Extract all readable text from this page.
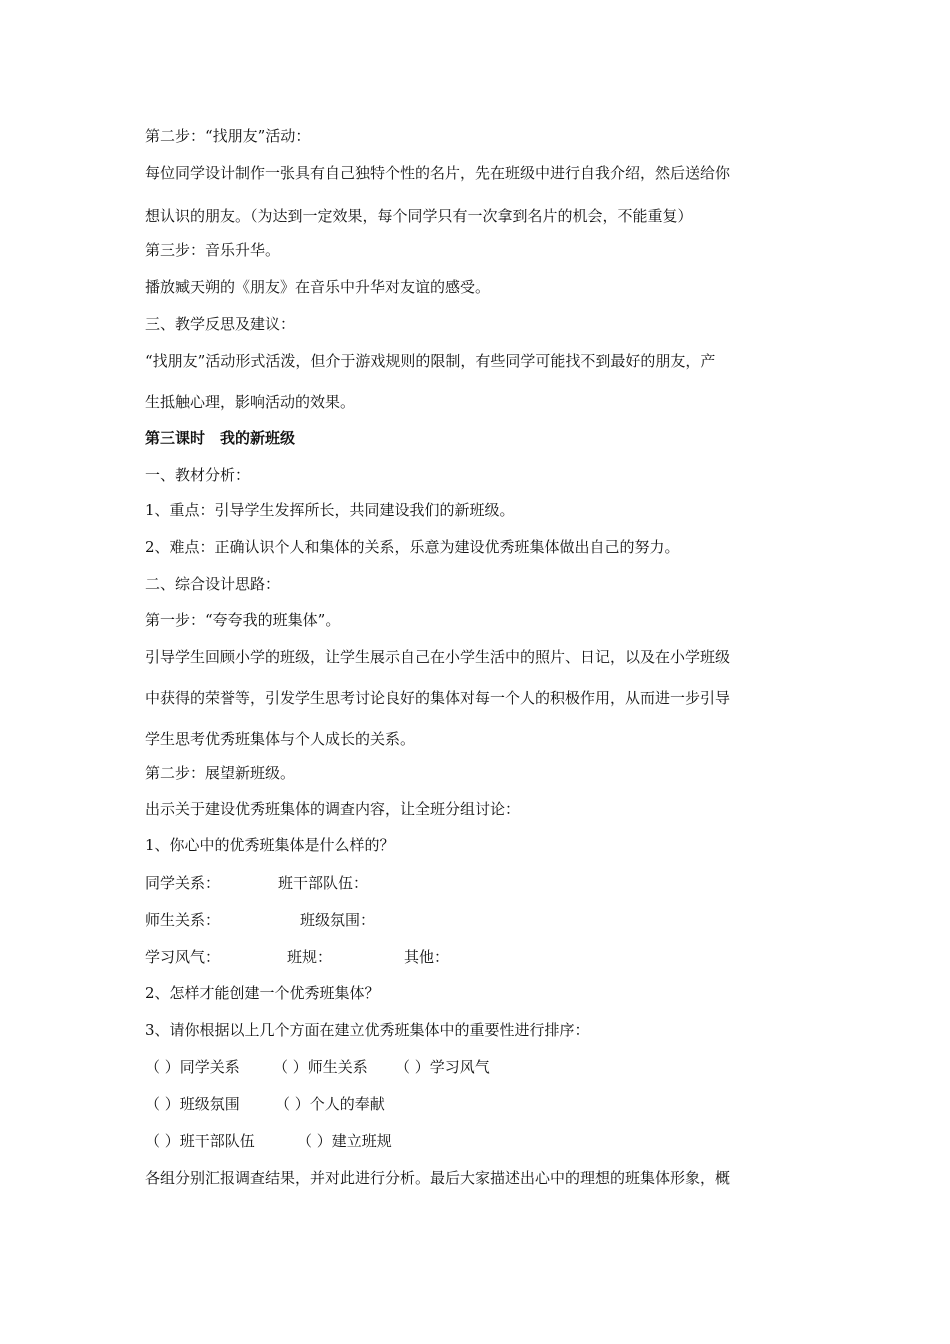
第二步：“找朋友”活动：
每位同学设计制作一张具有自己独特个性的名片，先在班级中进行自我介绍，然后送给你
想认识的朋友。（为达到一定效果，每个同学只有一次拿到名片的机会，不能重复）
第三步：音乐升华。
播放臧天朔的《朋友》在音乐中升华对友谊的感受。
三、教学反思及建议：
“找朋友”活动形式活泼，但介于游戏规则的限制，有些同学可能找不到最好的朋友，产
生抵触心理，影响活动的效果。
第三课时　我的新班级
一、教材分析：
1、重点：引导学生发挥所长，共同建设我们的新班级。
2、难点：正确认识个人和集体的关系，乐意为建设优秀班集体做出自己的努力。
二、综合设计思路：
第一步：“夸夸我的班集体”。
引导学生回顾小学的班级，让学生展示自己在小学生活中的照片、日记，以及在小学班级
中获得的荣誉等，引发学生思考讨论良好的集体对每一个人的积极作用，从而进一步引导
学生思考优秀班集体与个人成长的关系。
第二步：展望新班级。
出示关于建设优秀班集体的调查内容，让全班分组讨论：
1、你心中的优秀班集体是什么样的？
同学关系：	班干部队伍：
师生关系：	班级氛围：
学习风气：	班规：	其他：
2、怎样才能创建一个优秀班集体？
3、请你根据以上几个方面在建立优秀班集体中的重要性进行排序：
（ ）同学关系 （ ）师生关系 （ ）学习风气
（ ）班级氛围 （ ）个人的奉献
（ ）班干部队伍	（ ）建立班规
各组分别汇报调查结果，并对此进行分析。最后大家描述出心中的理想的班集体形象，概
